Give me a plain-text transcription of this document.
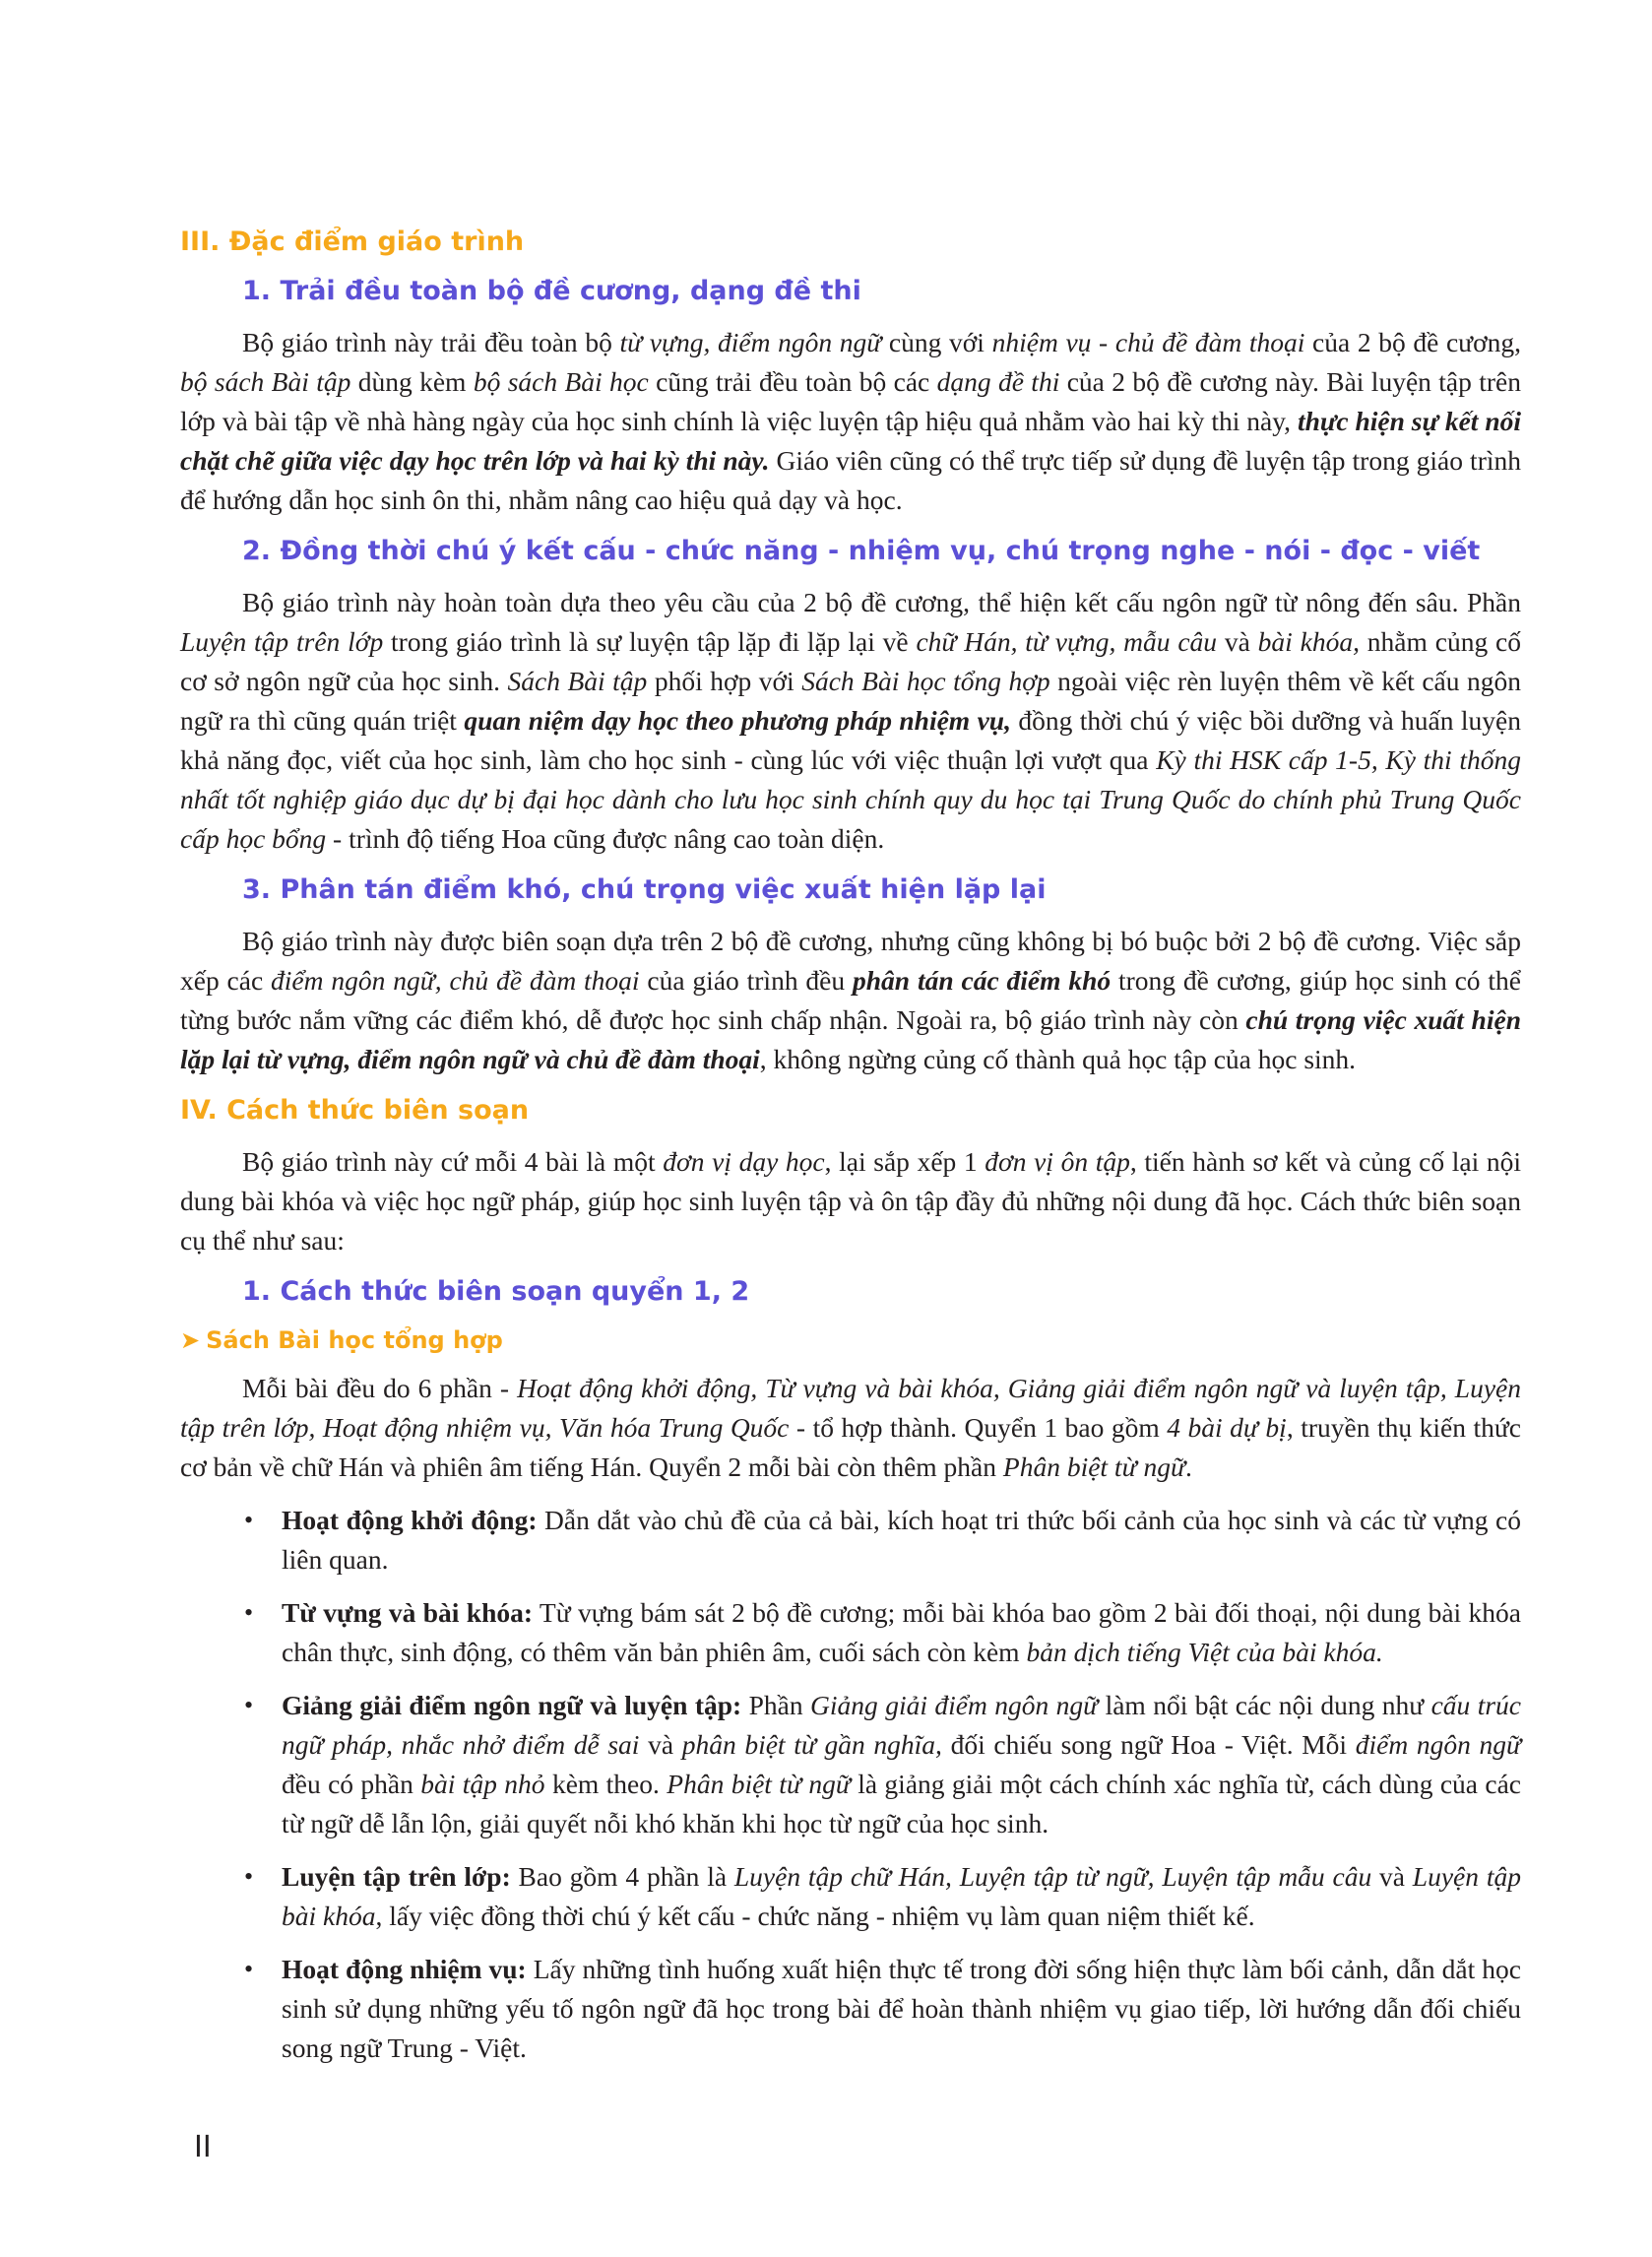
III. Đặc điểm giáo trình
1. Trải đều toàn bộ đề cương, dạng đề thi

Bộ giáo trình này trải đều toàn bộ từ vựng, điểm ngôn ngữ cùng với nhiệm vụ - chủ đề đàm thoại của 2 bộ đề cương, bộ sách Bài tập dùng kèm bộ sách Bài học cũng trải đều toàn bộ các dạng đề thi của 2 bộ đề cương này. Bài luyện tập trên lớp và bài tập về nhà hàng ngày của học sinh chính là việc luyện tập hiệu quả nhằm vào hai kỳ thi này, thực hiện sự kết nối chặt chẽ giữa việc dạy học trên lớp và hai kỳ thi này. Giáo viên cũng có thể trực tiếp sử dụng đề luyện tập trong giáo trình để hướng dẫn học sinh ôn thi, nhằm nâng cao hiệu quả dạy và học.

2. Đồng thời chú ý kết cấu - chức năng - nhiệm vụ, chú trọng nghe - nói - đọc - viết

Bộ giáo trình này hoàn toàn dựa theo yêu cầu của 2 bộ đề cương, thể hiện kết cấu ngôn ngữ từ nông đến sâu. Phần Luyện tập trên lớp trong giáo trình là sự luyện tập lặp đi lặp lại về chữ Hán, từ vựng, mẫu câu và bài khóa, nhằm củng cố cơ sở ngôn ngữ của học sinh. Sách Bài tập phối hợp với Sách Bài học tổng hợp ngoài việc rèn luyện thêm về kết cấu ngôn ngữ ra thì cũng quán triệt quan niệm dạy học theo phương pháp nhiệm vụ, đồng thời chú ý việc bồi dưỡng và huấn luyện khả năng đọc, viết của học sinh, làm cho học sinh - cùng lúc với việc thuận lợi vượt qua Kỳ thi HSK cấp 1-5, Kỳ thi thống nhất tốt nghiệp giáo dục dự bị đại học dành cho lưu học sinh chính quy du học tại Trung Quốc do chính phủ Trung Quốc cấp học bổng - trình độ tiếng Hoa cũng được nâng cao toàn diện.

3. Phân tán điểm khó, chú trọng việc xuất hiện lặp lại

Bộ giáo trình này được biên soạn dựa trên 2 bộ đề cương, nhưng cũng không bị bó buộc bởi 2 bộ đề cương. Việc sắp xếp các điểm ngôn ngữ, chủ đề đàm thoại của giáo trình đều phân tán các điểm khó trong đề cương, giúp học sinh có thể từng bước nắm vững các điểm khó, dễ được học sinh chấp nhận. Ngoài ra, bộ giáo trình này còn chú trọng việc xuất hiện lặp lại từ vựng, điểm ngôn ngữ và chủ đề đàm thoại, không ngừng củng cố thành quả học tập của học sinh.

IV. Cách thức biên soạn

Bộ giáo trình này cứ mỗi 4 bài là một đơn vị dạy học, lại sắp xếp 1 đơn vị ôn tập, tiến hành sơ kết và củng cố lại nội dung bài khóa và việc học ngữ pháp, giúp học sinh luyện tập và ôn tập đầy đủ những nội dung đã học. Cách thức biên soạn cụ thể như sau:

1. Cách thức biên soạn quyển 1, 2
➤ Sách Bài học tổng hợp

Mỗi bài đều do 6 phần - Hoạt động khởi động, Từ vựng và bài khóa, Giảng giải điểm ngôn ngữ và luyện tập, Luyện tập trên lớp, Hoạt động nhiệm vụ, Văn hóa Trung Quốc - tổ hợp thành. Quyển 1 bao gồm 4 bài dự bị, truyền thụ kiến thức cơ bản về chữ Hán và phiên âm tiếng Hán. Quyển 2 mỗi bài còn thêm phần Phân biệt từ ngữ.

• Hoạt động khởi động: Dẫn dắt vào chủ đề của cả bài, kích hoạt tri thức bối cảnh của học sinh và các từ vựng có liên quan.
• Từ vựng và bài khóa: Từ vựng bám sát 2 bộ đề cương; mỗi bài khóa bao gồm 2 bài đối thoại, nội dung bài khóa chân thực, sinh động, có thêm văn bản phiên âm, cuối sách còn kèm bản dịch tiếng Việt của bài khóa.
• Giảng giải điểm ngôn ngữ và luyện tập: Phần Giảng giải điểm ngôn ngữ làm nổi bật các nội dung như cấu trúc ngữ pháp, nhắc nhở điểm dễ sai và phân biệt từ gần nghĩa, đối chiếu song ngữ Hoa - Việt. Mỗi điểm ngôn ngữ đều có phần bài tập nhỏ kèm theo. Phân biệt từ ngữ là giảng giải một cách chính xác nghĩa từ, cách dùng của các từ ngữ dễ lẫn lộn, giải quyết nỗi khó khăn khi học từ ngữ của học sinh.
• Luyện tập trên lớp: Bao gồm 4 phần là Luyện tập chữ Hán, Luyện tập từ ngữ, Luyện tập mẫu câu và Luyện tập bài khóa, lấy việc đồng thời chú ý kết cấu - chức năng - nhiệm vụ làm quan niệm thiết kế.
• Hoạt động nhiệm vụ: Lấy những tình huống xuất hiện thực tế trong đời sống hiện thực làm bối cảnh, dẫn dắt học sinh sử dụng những yếu tố ngôn ngữ đã học trong bài để hoàn thành nhiệm vụ giao tiếp, lời hướng dẫn đối chiếu song ngữ Trung - Việt.
II
